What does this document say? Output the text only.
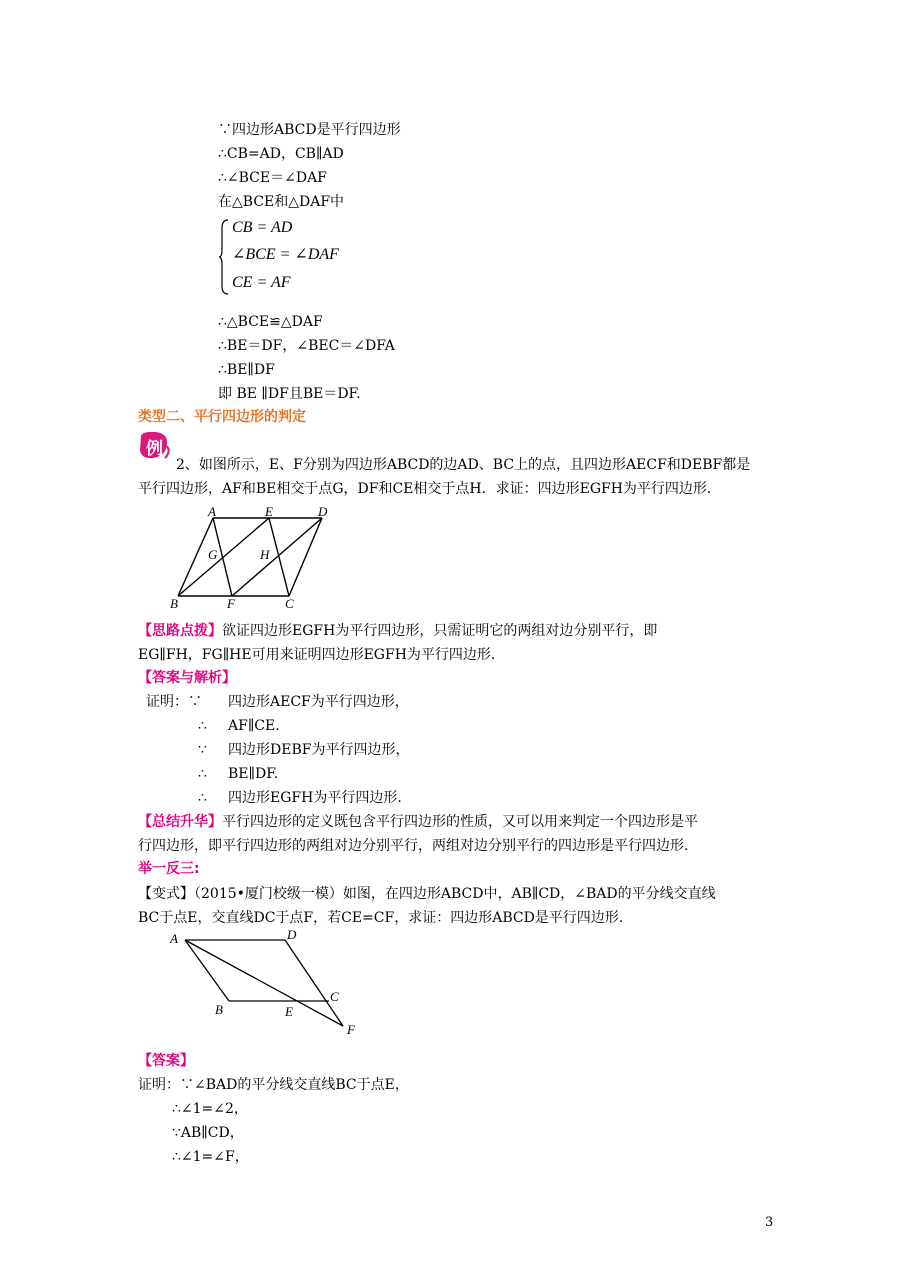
∵四边形ABCD是平行四边形
∴CB=AD，CB∥AD
∴∠BCE＝∠DAF
在△BCE和△DAF中
CB = AD
∠BCE = ∠DAF
CE = AF
∴△BCE≌△DAF
∴BE＝DF，∠BEC＝∠DFA
∴BE∥DF
即 BE ∥DF且BE＝DF.
类型二、平行四边形的判定
例
2、如图所示，E、F分别为四边形ABCD的边AD、BC上的点，且四边形AECF和DEBF都是
平行四边形，AF和BE相交于点G，DF和CE相交于点H．求证：四边形EGFH为平行四边形．
A	E	D
G	H
B	F	C
【思路点拨】欲证四边形EGFH为平行四边形，只需证明它的两组对边分别平行，即
EG∥FH，FG∥HE可用来证明四边形EGFH为平行四边形.
【答案与解析】
证明：∵ 四边形AECF为平行四边形，
∴ AF∥CE.
∵ 四边形DEBF为平行四边形，
∴ BE∥DF.
∴ 四边形EGFH为平行四边形.
【总结升华】平行四边形的定义既包含平行四边形的性质，又可以用来判定一个四边形是平
行四边形，即平行四边形的两组对边分别平行，两组对边分别平行的四边形是平行四边形.
举一反三:
【变式】（2015•厦门校级一模）如图，在四边形ABCD中，AB∥CD，∠BAD的平分线交直线
BC于点E，交直线DC于点F，若CE=CF，求证：四边形ABCD是平行四边形.
A	D
B	E
C
F
【答案】
证明：∵∠BAD的平分线交直线BC于点E，
∴∠1=∠2，
∵AB∥CD，
∴∠1=∠F，
3
